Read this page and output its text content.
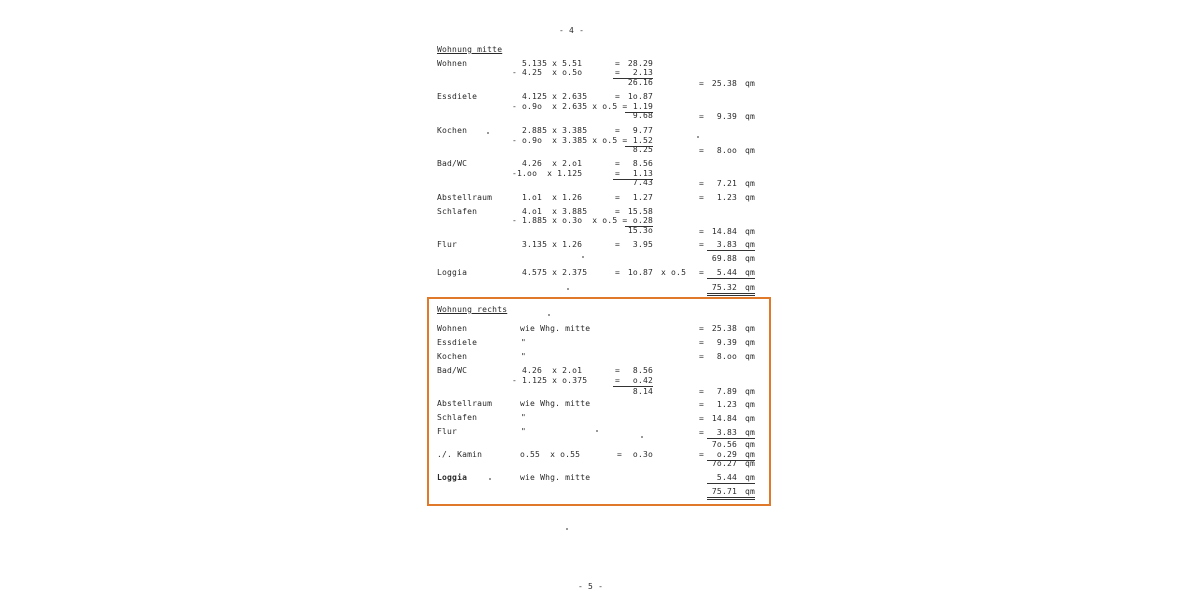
- 4 -
Wohnung mitte
Wohnen	5.135 x 5.51	= 28.29
- 4.25  x o.5o	=	2.13
26.16	= 25.38 qm
Essdiele	4.125 x 2.635	= 1o.87
- o.9o  x 2.635 x o.5 = 1.19
9.68	=	9.39 qm
Kochen	2.885 x 3.385	=	9.77
- o.9o  x 3.385 x o.5 = 1.52
8.25	=	8.oo qm
Bad/WC	4.26  x 2.o1	=	8.56
-1.oo  x 1.125	=	1.13
7.43	=	7.21 qm
Abstellraum	1.o1  x 1.26	=	1.27	=	1.23 qm
Schlafen	4.o1  x 3.885	= 15.58
- 1.885 x o.3o  x o.5 = o.28
15.3o	= 14.84 qm
Flur	3.135 x 1.26	=	3.95	=	3.83	qm
69.88 qm
Loggia	4.575 x 2.375	= 1o.87 x o.5 =	5.44	qm
75.32 qm
Wohnung rechts
Wohnen	wie Whg. mitte	= 25.38 qm
Essdiele	"	=	9.39 qm
Kochen	"	=	8.oo qm
Bad/WC	4.26  x 2.o1	=	8.56
- 1.125 x o.375	=	o.42
8.14	=	7.89 qm
Abstellraum	wie Whg. mitte	=	1.23 qm
Schlafen	"	= 14.84 qm
Flur	"	=	3.83	qm
7o.56 qm
./. Kamin	o.55  x o.55	=	o.3o	=	o.29	qm
7o.27 qm
Loggia	wie Whg. mitte	5.44	qm
75.71 qm
- 5 -
